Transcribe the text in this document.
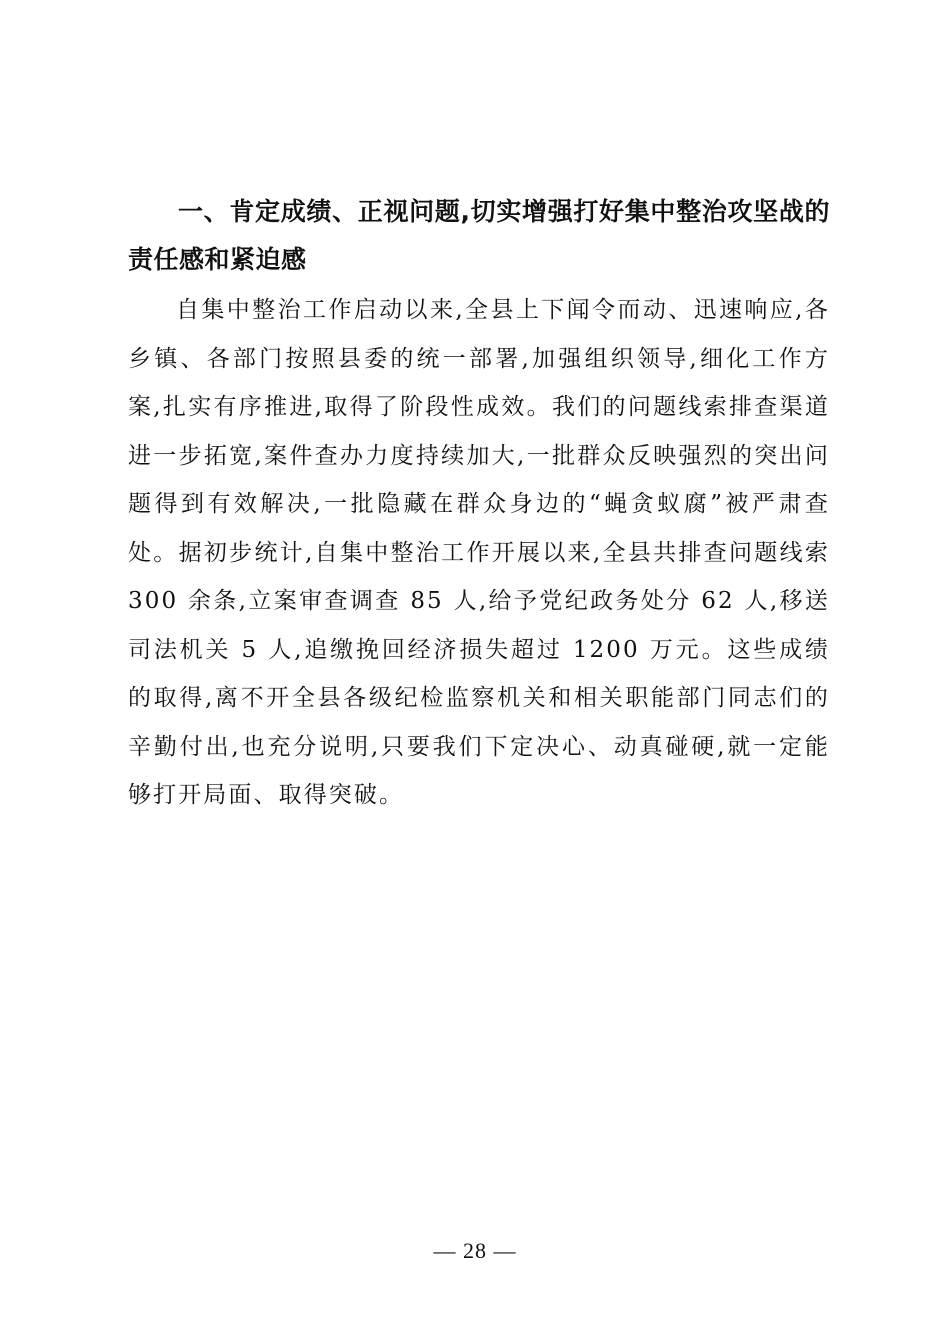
一、肯定成绩、正视问题,切实增强打好集中整治攻坚战的责任感和紧迫感

自集中整治工作启动以来,全县上下闻令而动、迅速响应,各乡镇、各部门按照县委的统一部署,加强组织领导,细化工作方案,扎实有序推进,取得了阶段性成效。我们的问题线索排查渠道进一步拓宽,案件查办力度持续加大,一批群众反映强烈的突出问题得到有效解决,一批隐藏在群众身边的“蝇贪蚁腐”被严肃查处。据初步统计,自集中整治工作开展以来,全县共排查问题线索 300 余条,立案审查调查 85 人,给予党纪政务处分 62 人,移送司法机关 5 人,追缴挽回经济损失超过 1200 万元。这些成绩的取得,离不开全县各级纪检监察机关和相关职能部门同志们的辛勤付出,也充分说明,只要我们下定决心、动真碰硬,就一定能够打开局面、取得突破。

— 28 —
